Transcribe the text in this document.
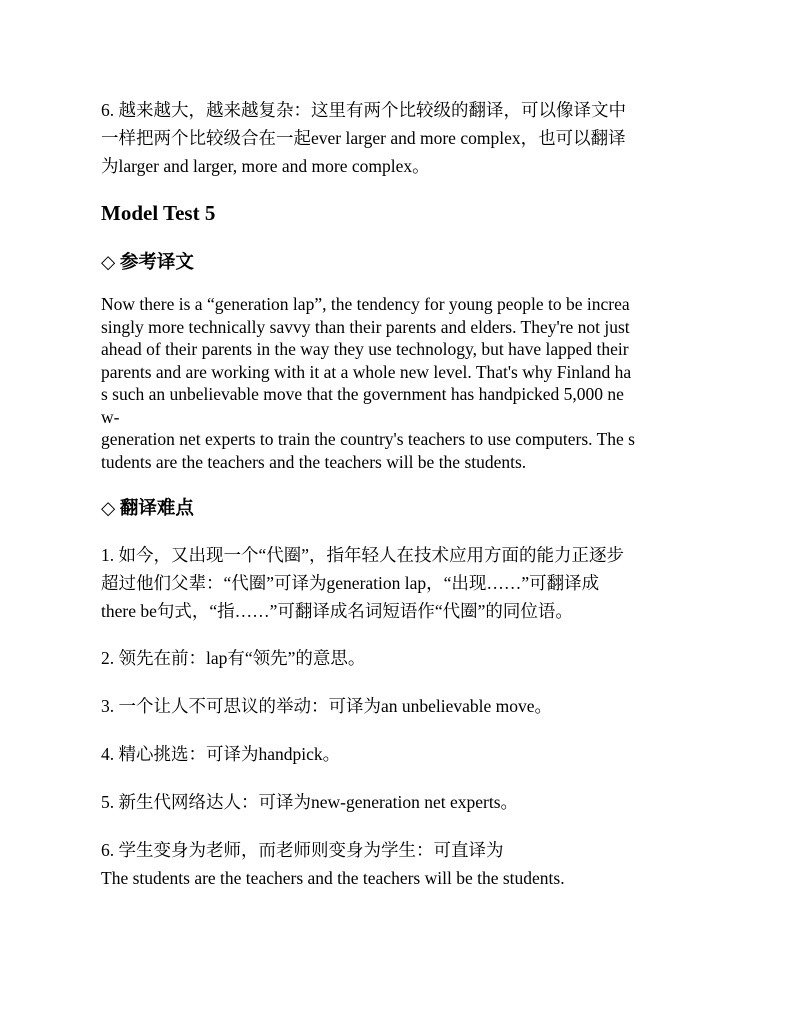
6. 越来越大，越来越复杂：这里有两个比较级的翻译，可以像译文中
一样把两个比较级合在一起ever larger and more complex，也可以翻译
为larger and larger, more and more complex。

Model Test 5

◇ 参考译文

Now there is a “generation lap”, the tendency for young people to be increa
singly more technically savvy than their parents and elders. They're not just
ahead of their parents in the way they use technology, but have lapped their
parents and are working with it at a whole new level. That's why Finland ha
s such an unbelievable move that the government has handpicked 5,000 ne
w-
generation net experts to train the country's teachers to use computers. The s
tudents are the teachers and the teachers will be the students.

◇ 翻译难点

1. 如今，又出现一个“代圈”，指年轻人在技术应用方面的能力正逐步
超过他们父辈：“代圈”可译为generation lap，“出现……”可翻译成
there be句式，“指……”可翻译成名词短语作“代圈”的同位语。

2. 领先在前：lap有“领先”的意思。

3. 一个让人不可思议的举动：可译为an unbelievable move。

4. 精心挑选：可译为handpick。

5. 新生代网络达人：可译为new-generation net experts。

6. 学生变身为老师，而老师则变身为学生：可直译为
The students are the teachers and the teachers will be the students.
